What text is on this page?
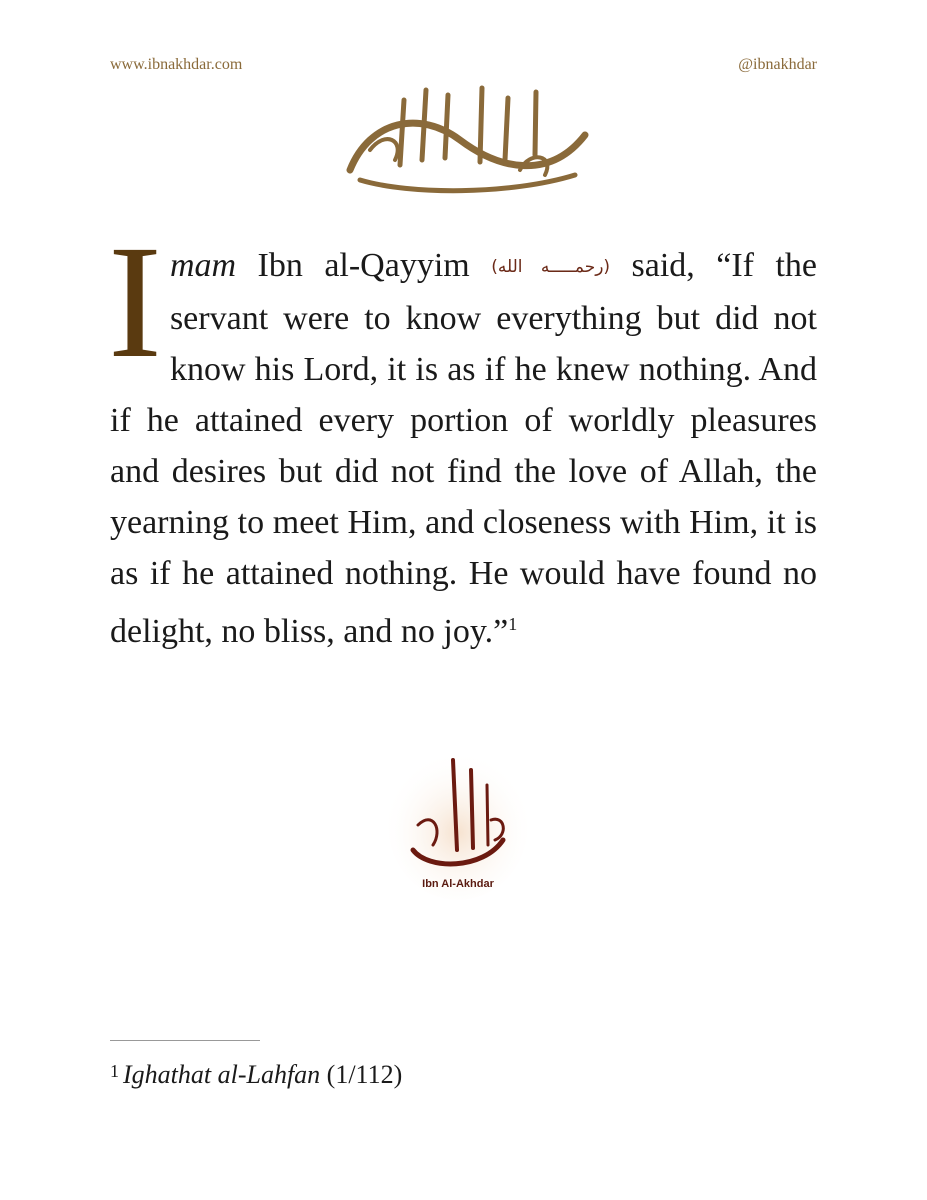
www.ibnakhdar.com	@ibnakhdar
Imam Ibn al-Qayyim (رحمـــــه الله) said, “If the servant were to know everything but did not know his Lord, it is as if he knew nothing. And if he attained every portion of worldly pleasures and desires but did not find the love of Allah, the yearning to meet Him, and closeness with Him, it is as if he attained nothing. He would have found no delight, no bliss, and no joy.”$^1$
Ibn Al-Akhdar
$^1$ Ighathat al-Lahfan (1/112)
